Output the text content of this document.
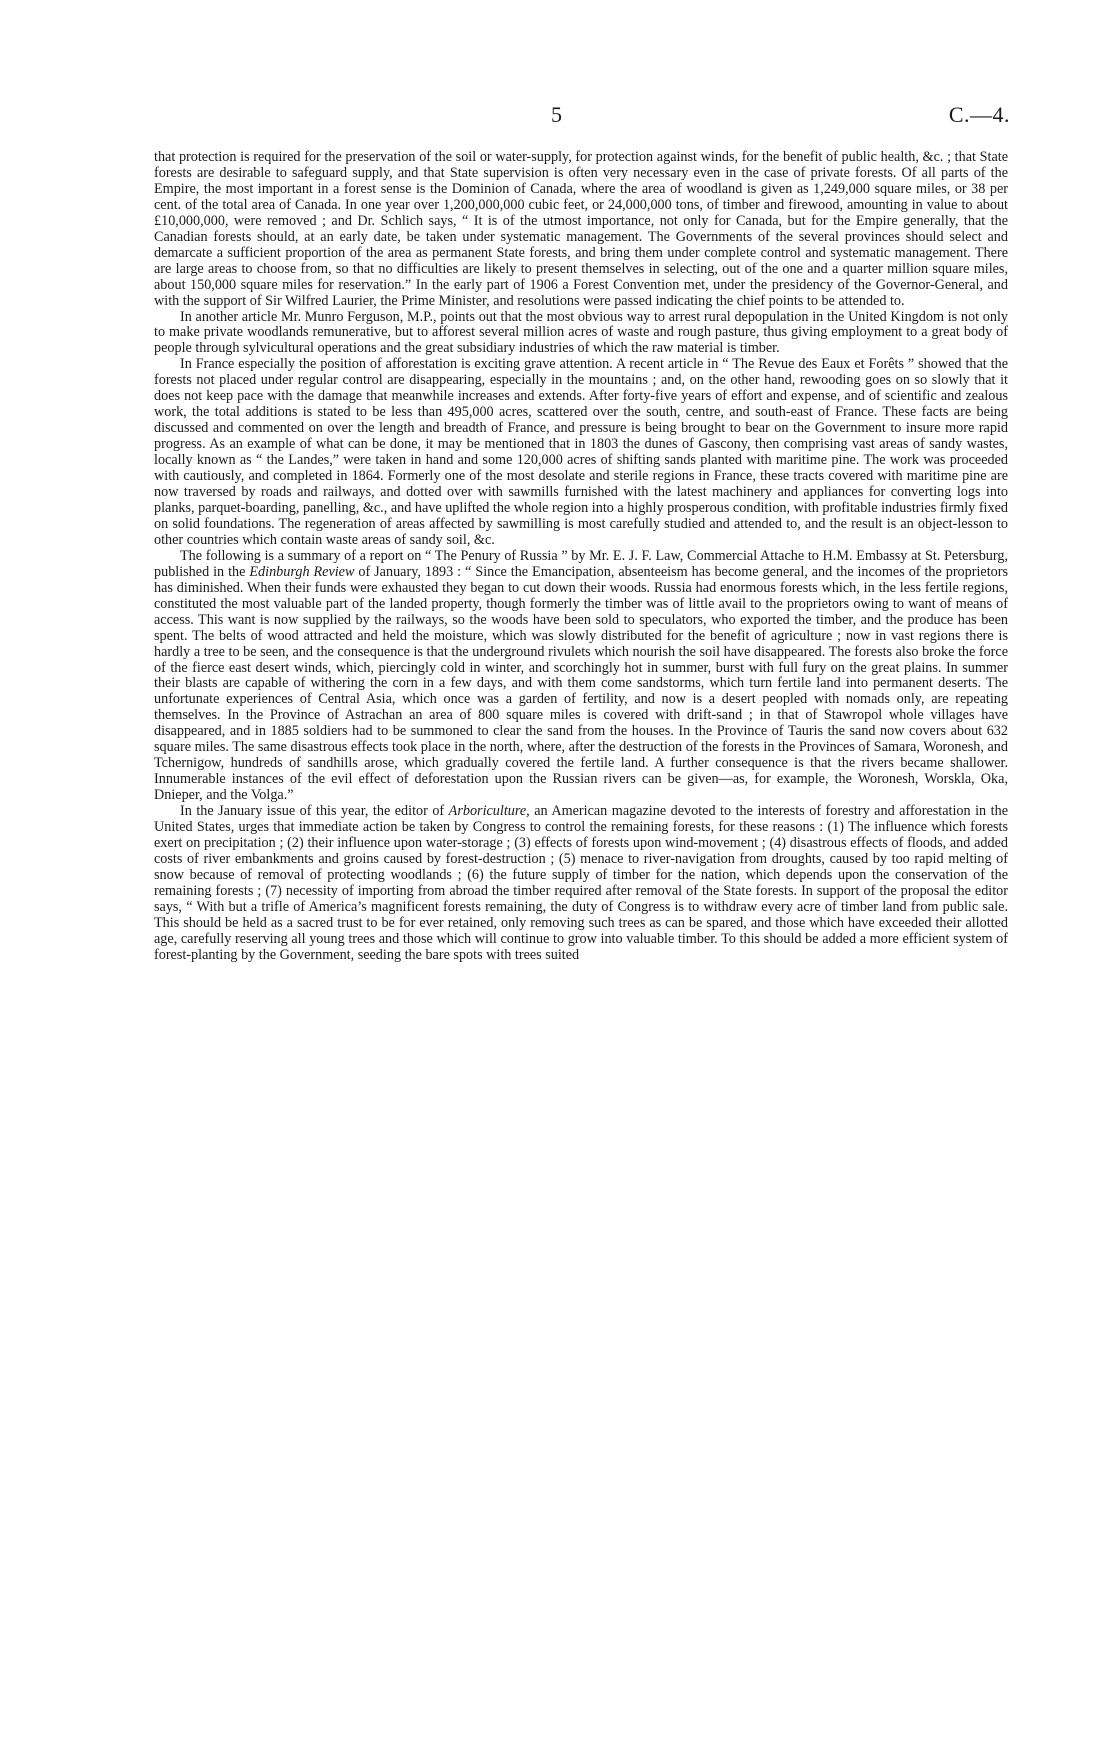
5	C.—4.

that protection is required for the preservation of the soil or water-supply, for protection against winds, for the benefit of public health, &c. ; that State forests are desirable to safeguard supply, and that State supervision is often very necessary even in the case of private forests. Of all parts of the Empire, the most important in a forest sense is the Dominion of Canada, where the area of woodland is given as 1,249,000 square miles, or 38 per cent. of the total area of Canada. In one year over 1,200,000,000 cubic feet, or 24,000,000 tons, of timber and firewood, amounting in value to about £10,000,000, were removed ; and Dr. Schlich says, “ It is of the utmost importance, not only for Canada, but for the Empire generally, that the Canadian forests should, at an early date, be taken under systematic management. The Governments of the several provinces should select and demarcate a sufficient proportion of the area as permanent State forests, and bring them under complete control and systematic management. There are large areas to choose from, so that no difficulties are likely to present themselves in selecting, out of the one and a quarter million square miles, about 150,000 square miles for reservation.” In the early part of 1906 a Forest Convention met, under the presidency of the Governor-General, and with the support of Sir Wilfred Laurier, the Prime Minister, and resolutions were passed indicating the chief points to be attended to.

In another article Mr. Munro Ferguson, M.P., points out that the most obvious way to arrest rural depopulation in the United Kingdom is not only to make private woodlands remunerative, but to afforest several million acres of waste and rough pasture, thus giving employment to a great body of people through sylvicultural operations and the great subsidiary industries of which the raw material is timber.

In France especially the position of afforestation is exciting grave attention. A recent article in “ The Revue des Eaux et Forêts ” showed that the forests not placed under regular control are disappearing, especially in the mountains ; and, on the other hand, rewooding goes on so slowly that it does not keep pace with the damage that meanwhile increases and extends. After forty-five years of effort and expense, and of scientific and zealous work, the total additions is stated to be less than 495,000 acres, scattered over the south, centre, and south-east of France. These facts are being discussed and commented on over the length and breadth of France, and pressure is being brought to bear on the Government to insure more rapid progress. As an example of what can be done, it may be mentioned that in 1803 the dunes of Gascony, then comprising vast areas of sandy wastes, locally known as “ the Landes,” were taken in hand and some 120,000 acres of shifting sands planted with maritime pine. The work was proceeded with cautiously, and completed in 1864. Formerly one of the most desolate and sterile regions in France, these tracts covered with maritime pine are now traversed by roads and railways, and dotted over with sawmills furnished with the latest machinery and appliances for converting logs into planks, parquet-boarding, panelling, &c., and have uplifted the whole region into a highly prosperous condition, with profitable industries firmly fixed on solid foundations. The regeneration of areas affected by sawmilling is most carefully studied and attended to, and the result is an object-lesson to other countries which contain waste areas of sandy soil, &c.

The following is a summary of a report on “ The Penury of Russia ” by Mr. E. J. F. Law, Commercial Attache to H.M. Embassy at St. Petersburg, published in the Edinburgh Review of January, 1893 : “ Since the Emancipation, absenteeism has become general, and the incomes of the proprietors has diminished. When their funds were exhausted they began to cut down their woods. Russia had enormous forests which, in the less fertile regions, constituted the most valuable part of the landed property, though formerly the timber was of little avail to the proprietors owing to want of means of access. This want is now supplied by the railways, so the woods have been sold to speculators, who exported the timber, and the produce has been spent. The belts of wood attracted and held the moisture, which was slowly distributed for the benefit of agriculture ; now in vast regions there is hardly a tree to be seen, and the consequence is that the underground rivulets which nourish the soil have disappeared. The forests also broke the force of the fierce east desert winds, which, piercingly cold in winter, and scorchingly hot in summer, burst with full fury on the great plains. In summer their blasts are capable of withering the corn in a few days, and with them come sandstorms, which turn fertile land into permanent deserts. The unfortunate experiences of Central Asia, which once was a garden of fertility, and now is a desert peopled with nomads only, are repeating themselves. In the Province of Astrachan an area of 800 square miles is covered with drift-sand ; in that of Stawropol whole villages have disappeared, and in 1885 soldiers had to be summoned to clear the sand from the houses. In the Province of Tauris the sand now covers about 632 square miles. The same disastrous effects took place in the north, where, after the destruction of the forests in the Provinces of Samara, Woronesh, and Tchernigow, hundreds of sandhills arose, which gradually covered the fertile land. A further consequence is that the rivers became shallower. Innumerable instances of the evil effect of deforestation upon the Russian rivers can be given—as, for example, the Woronesh, Worskla, Oka, Dnieper, and the Volga.”

In the January issue of this year, the editor of Arboriculture, an American magazine devoted to the interests of forestry and afforestation in the United States, urges that immediate action be taken by Congress to control the remaining forests, for these reasons : (1) The influence which forests exert on precipitation ; (2) their influence upon water-storage ; (3) effects of forests upon wind-movement ; (4) disastrous effects of floods, and added costs of river embankments and groins caused by forest-destruction ; (5) menace to river-navigation from droughts, caused by too rapid melting of snow because of removal of protecting woodlands ; (6) the future supply of timber for the nation, which depends upon the conservation of the remaining forests ; (7) necessity of importing from abroad the timber required after removal of the State forests. In support of the proposal the editor says, “ With but a trifle of America’s magnificent forests remaining, the duty of Congress is to withdraw every acre of timber land from public sale. This should be held as a sacred trust to be for ever retained, only removing such trees as can be spared, and those which have exceeded their allotted age, carefully reserving all young trees and those which will continue to grow into valuable timber. To this should be added a more efficient system of forest-planting by the Government, seeding the bare spots with trees suited
